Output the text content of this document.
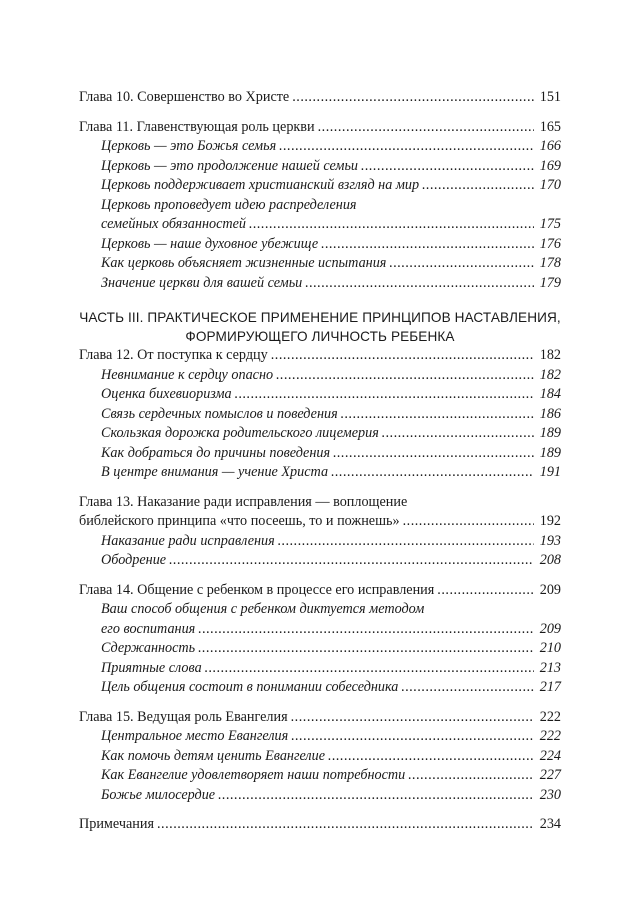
Глава 10. Совершенство во Христе .....	151
Глава 11. Главенствующая роль церкви .....	165
Церковь — это Божья семья .....	166
Церковь — это продолжение нашей семьи .....	169
Церковь поддерживает христианский взгляд на мир .....	170
Церковь проповедует идею распределения
семейных обязанностей .....	175
Церковь — наше духовное убежище .....	176
Как церковь объясняет жизненные испытания .....	178
Значение церкви для вашей семьи .....	179
ЧАСТЬ III. ПРАКТИЧЕСКОЕ ПРИМЕНЕНИЕ ПРИНЦИПОВ НАСТАВЛЕНИЯ,
ФОРМИРУЮЩЕГО ЛИЧНОСТЬ РЕБЕНКА
Глава 12. От поступка к сердцу .....	182
Невнимание к сердцу опасно .....	182
Оценка бихевиоризма .....	184
Связь сердечных помыслов и поведения .....	186
Скользкая дорожка родительского лицемерия .....	189
Как добраться до причины поведения .....	189
В центре внимания — учение Христа .....	191
Глава 13. Наказание ради исправления — воплощение
библейского принципа «что посеешь, то и пожнешь» .....	192
Наказание ради исправления .....	193
Ободрение .....	208
Глава 14. Общение с ребенком в процессе его исправления .....	209
Ваш способ общения с ребенком диктуется методом
его воспитания .....	209
Сдержанность .....	210
Приятные слова .....	213
Цель общения состоит в понимании собеседника .....	217
Глава 15. Ведущая роль Евангелия .....	222
Центральное место Евангелия .....	222
Как помочь детям ценить Евангелие .....	224
Как Евангелие удовлетворяет наши потребности .....	227
Божье милосердие .....	230
Примечания .....	234
